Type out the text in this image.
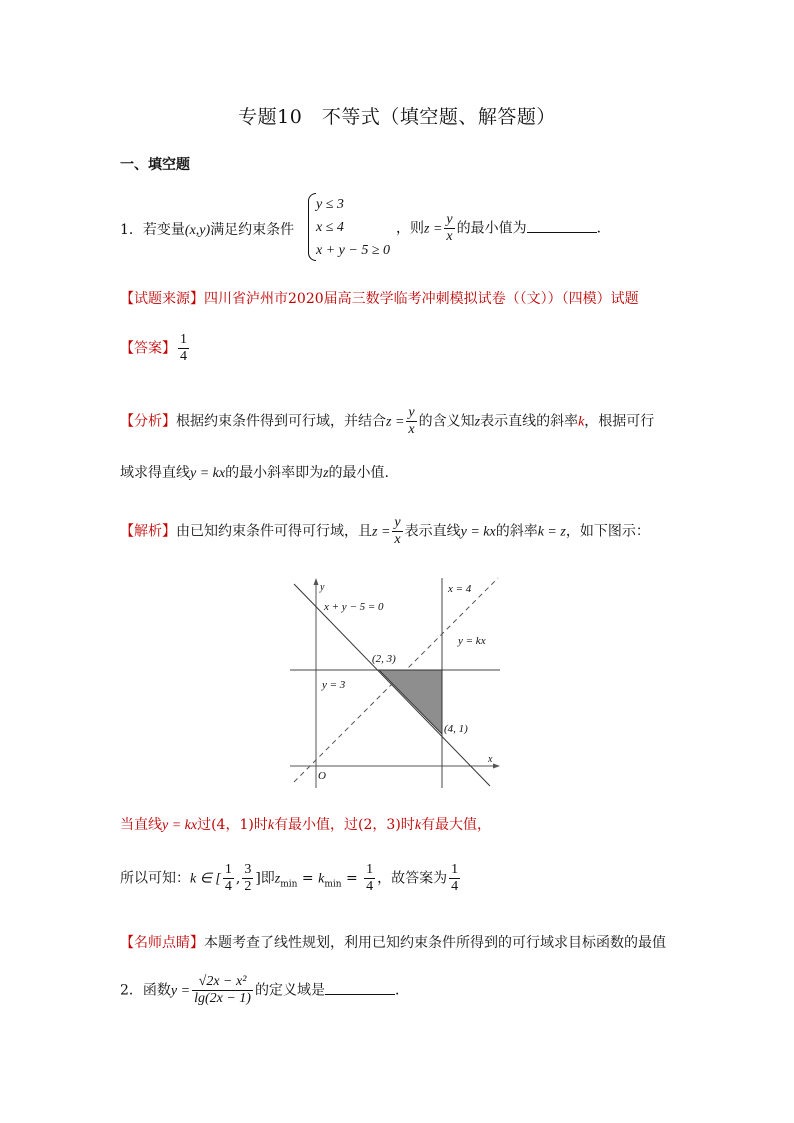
专题10　不等式（填空题、解答题）
一、填空题
1．若变量(x,y)满足约束条件
y ≤ 3
x ≤ 4
x + y − 5 ≥ 0
，则$z = \frac{y}{x}$ 的最小值为	．
【试题来源】四川省泸州市2020届高三数学临考冲刺模拟试卷（（文））（四模）试题
【答案】 $\frac{1}{4}$
【分析】根据约束条件得到可行域，并结合$z = \frac{y}{x}$ 的含义知z表示直线的斜率k，根据可行
域求得直线y = kx的最小斜率即为z的最小值.
【解析】由已知约束条件可得可行域，且$z = \frac{y}{x}$ 表示直线y = kx的斜率k = z，如下图示：
x = 4
x + y − 5 = 0
y = kx
y = 3
(2, 3)
(4, 1)
x
y
O
当直线y = kx过(4，1)时k有最小值，过(2，3)时k有最大值，
所以可知：k ∈ [ $\frac{1}{4}$ , $\frac{3}{2}$ ]即$z_{min} = k_{min} = \frac{1}{4}$ ，故答案为 $\frac{1}{4}$
【名师点睛】本题考查了线性规划，利用已知约束条件所得到的可行域求目标函数的最值
2．函数$y = \frac{\text{√2x − x²}}{\lg(2x - 1)}$ 的定义域是	．
